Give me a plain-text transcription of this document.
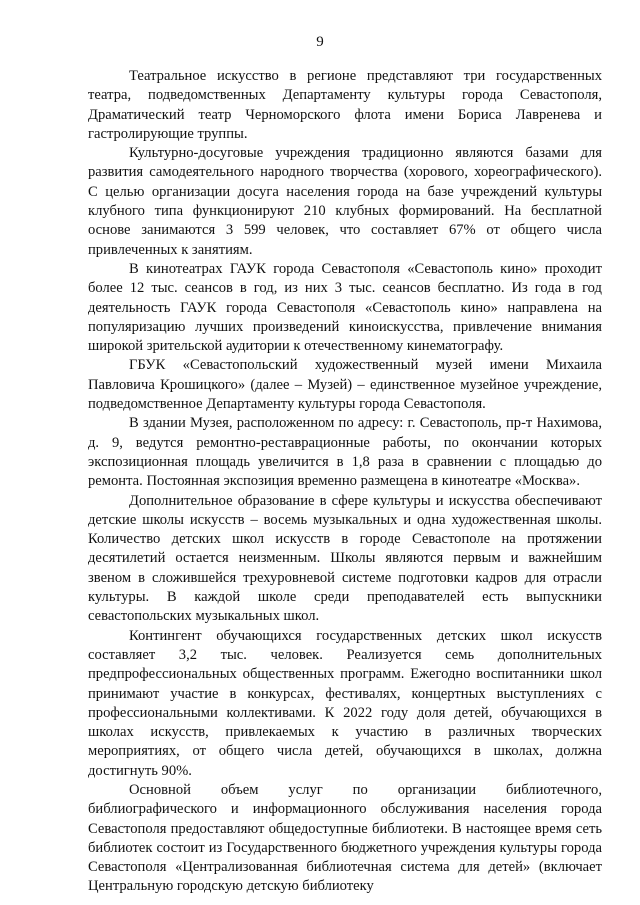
9

Театральное искусство в регионе представляют три государственных театра, подведомственных Департаменту культуры города Севастополя, Драматический театр Черноморского флота имени Бориса Лавренева и гастролирующие труппы.

Культурно-досуговые учреждения традиционно являются базами для развития самодеятельного народного творчества (хорового, хореографического). С целью организации досуга населения города на базе учреждений культуры клубного типа функционируют 210 клубных формирований. На бесплатной основе занимаются 3 599 человек, что составляет 67% от общего числа привлеченных к занятиям.

В кинотеатрах ГАУК города Севастополя «Севастополь кино» проходит более 12 тыс. сеансов в год, из них 3 тыс. сеансов бесплатно. Из года в год деятельность ГАУК города Севастополя «Севастополь кино» направлена на популяризацию лучших произведений киноискусства, привлечение внимания широкой зрительской аудитории к отечественному кинематографу.

ГБУК «Севастопольский художественный музей имени Михаила Павловича Крошицкого» (далее – Музей) – единственное музейное учреждение, подведомственное Департаменту культуры города Севастополя.

В здании Музея, расположенном по адресу: г. Севастополь, пр-т Нахимова, д. 9, ведутся ремонтно-реставрационные работы, по окончании которых экспозиционная площадь увеличится в 1,8 раза в сравнении с площадью до ремонта. Постоянная экспозиция временно размещена в кинотеатре «Москва».

Дополнительное образование в сфере культуры и искусства обеспечивают детские школы искусств – восемь музыкальных и одна художественная школы. Количество детских школ искусств в городе Севастополе на протяжении десятилетий остается неизменным. Школы являются первым и важнейшим звеном в сложившейся трехуровневой системе подготовки кадров для отрасли культуры. В каждой школе среди преподавателей есть выпускники севастопольских музыкальных школ.

Контингент обучающихся государственных детских школ искусств составляет 3,2 тыс. человек. Реализуется семь дополнительных предпрофессиональных общественных программ. Ежегодно воспитанники школ принимают участие в конкурсах, фестивалях, концертных выступлениях с профессиональными коллективами. К 2022 году доля детей, обучающихся в школах искусств, привлекаемых к участию в различных творческих мероприятиях, от общего числа детей, обучающихся в школах, должна достигнуть 90%.

Основной объем услуг по организации библиотечного, библиографического и информационного обслуживания населения города Севастополя предоставляют общедоступные библиотеки. В настоящее время сеть библиотек состоит из Государственного бюджетного учреждения культуры города Севастополя «Централизованная библиотечная система для детей» (включает Центральную городскую детскую библиотеку
